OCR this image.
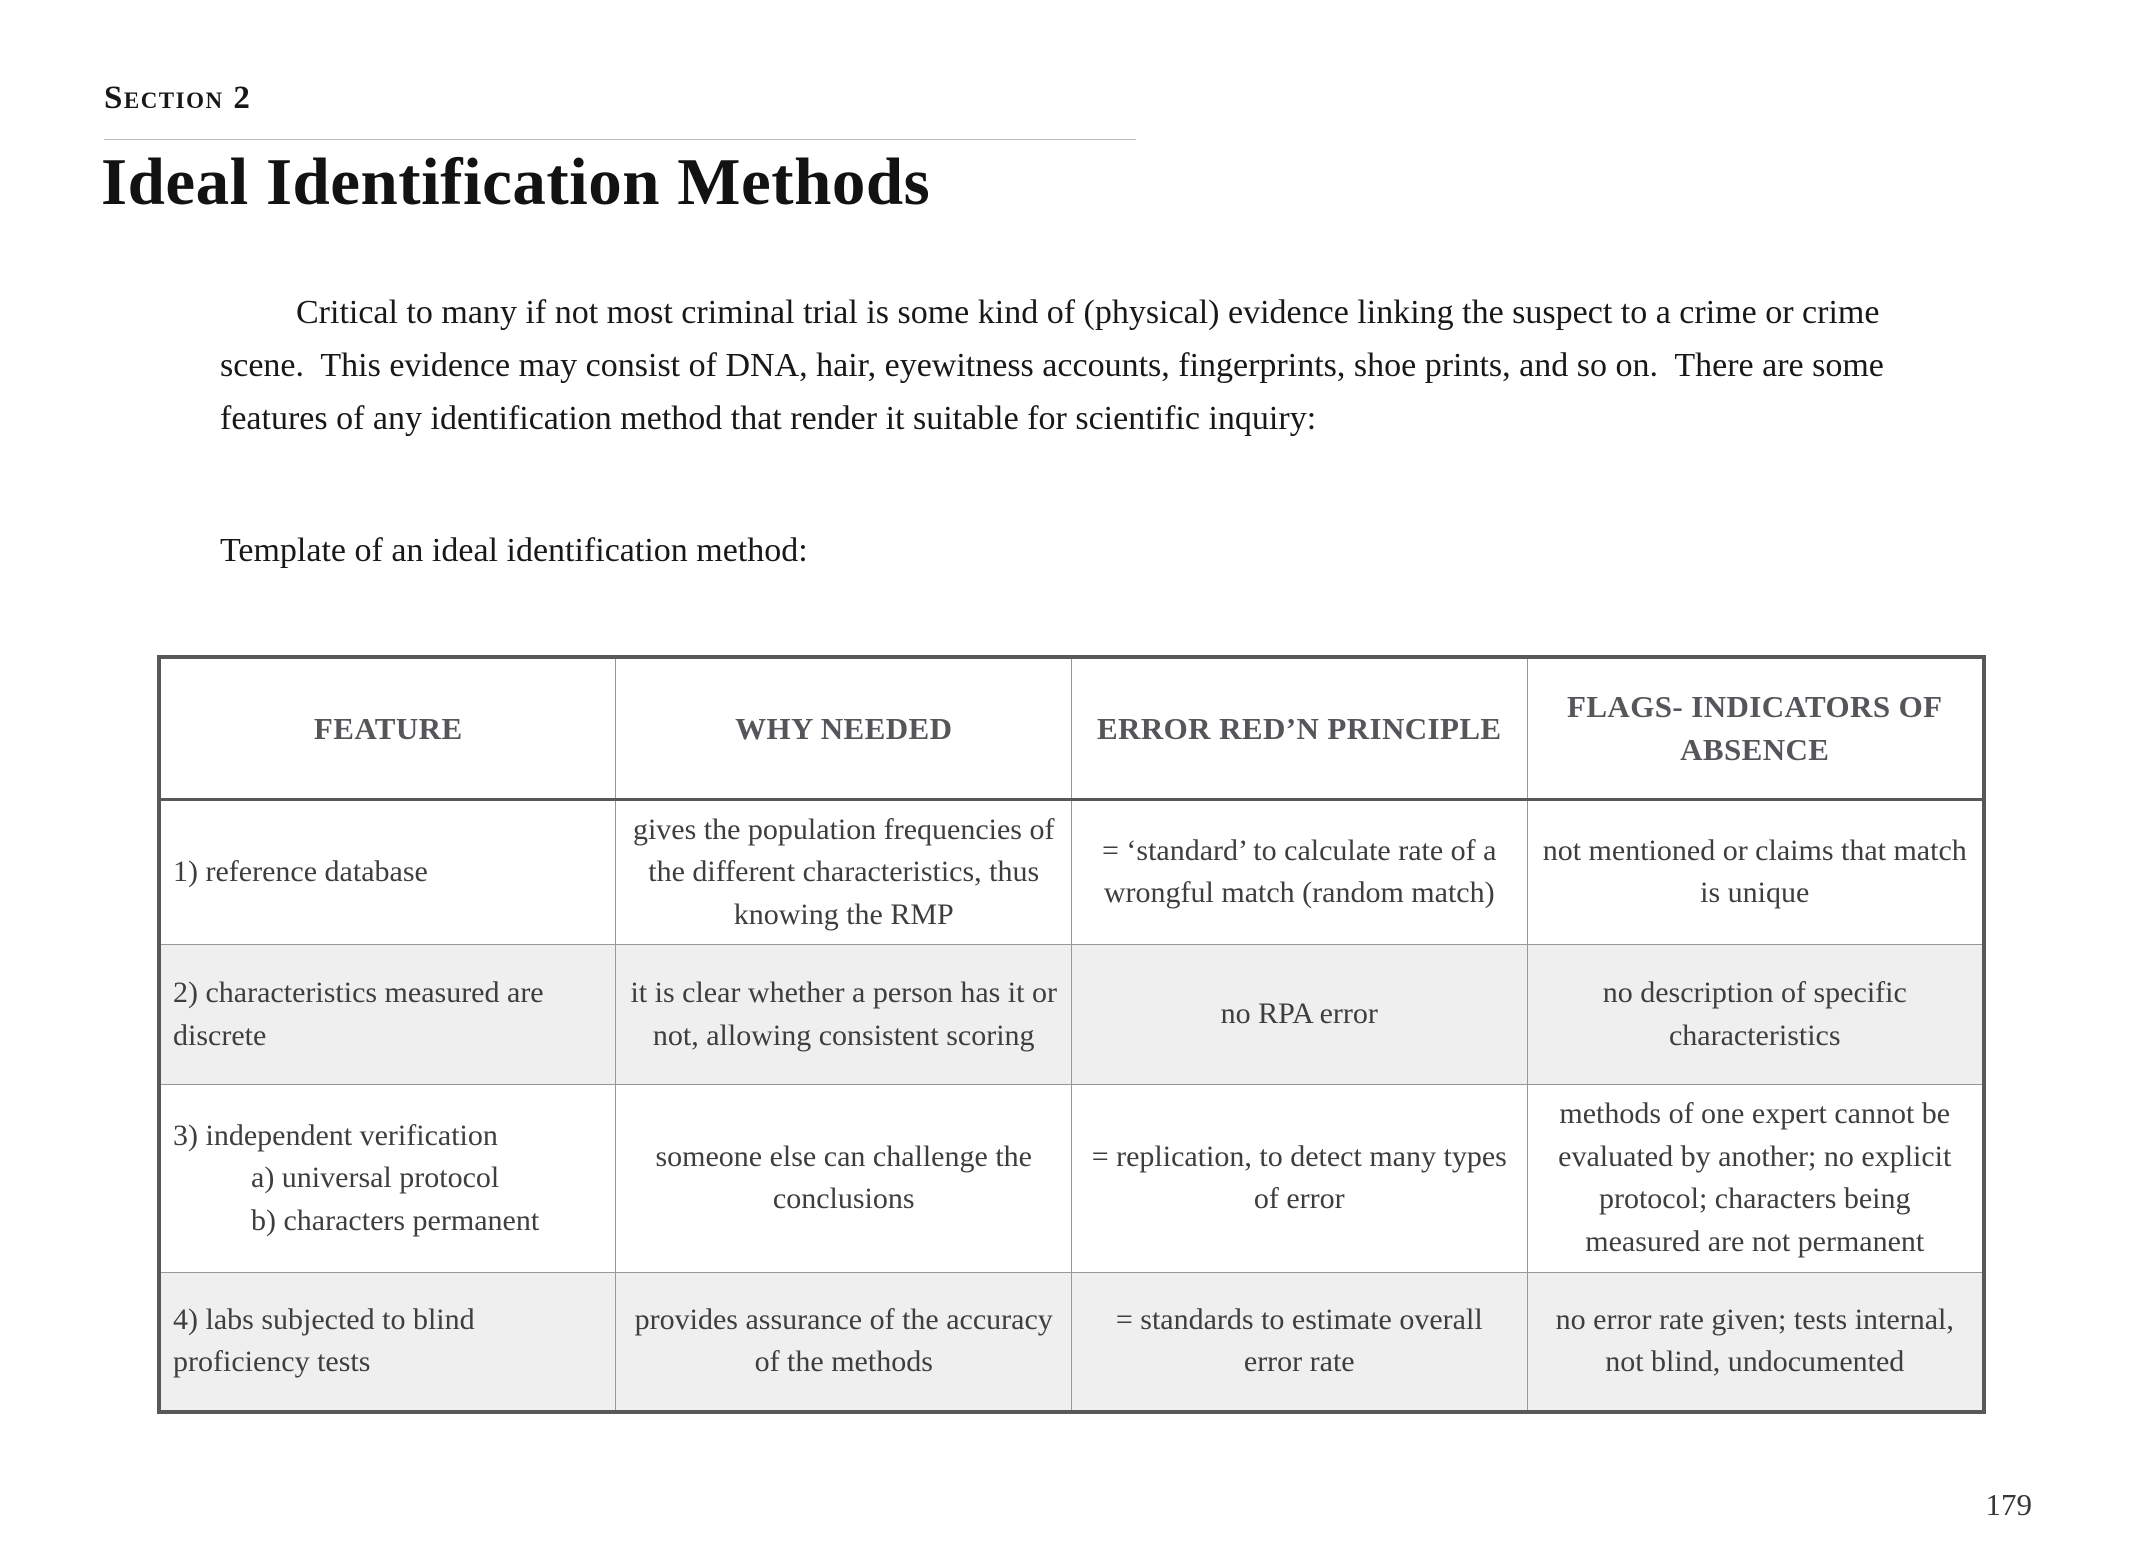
Section 2
Ideal Identification Methods

Critical to many if not most criminal trial is some kind of (physical) evidence linking the suspect to a crime or crime scene.  This evidence may consist of DNA, hair, eyewitness accounts, fingerprints, shoe prints, and so on.  There are some features of any identification method that render it suitable for scientific inquiry:

Template of an ideal identification method:

FEATURE	WHY NEEDED	ERROR RED’N PRINCIPLE	FLAGS- INDICATORS OF ABSENCE
1) reference database	gives the population frequencies of the different characteristics, thus knowing the RMP	= ‘standard’ to calculate rate of a wrongful match (random match)	not mentioned or claims that match is unique
2) characteristics measured are discrete	it is clear whether a person has it or not, allowing consistent scoring	no RPA error	no description of specific characteristics

3) independent verification
a) universal protocol
b) characters permanent	someone else can challenge the conclusions	= replication, to detect many types of error	methods of one expert cannot be evaluated by another; no explicit protocol; characters being measured are not permanent
4) labs subjected to blind proficiency tests	provides assurance of the accuracy of the methods	= standards to estimate overall error rate	no error rate given; tests internal, not blind, undocumented
179
